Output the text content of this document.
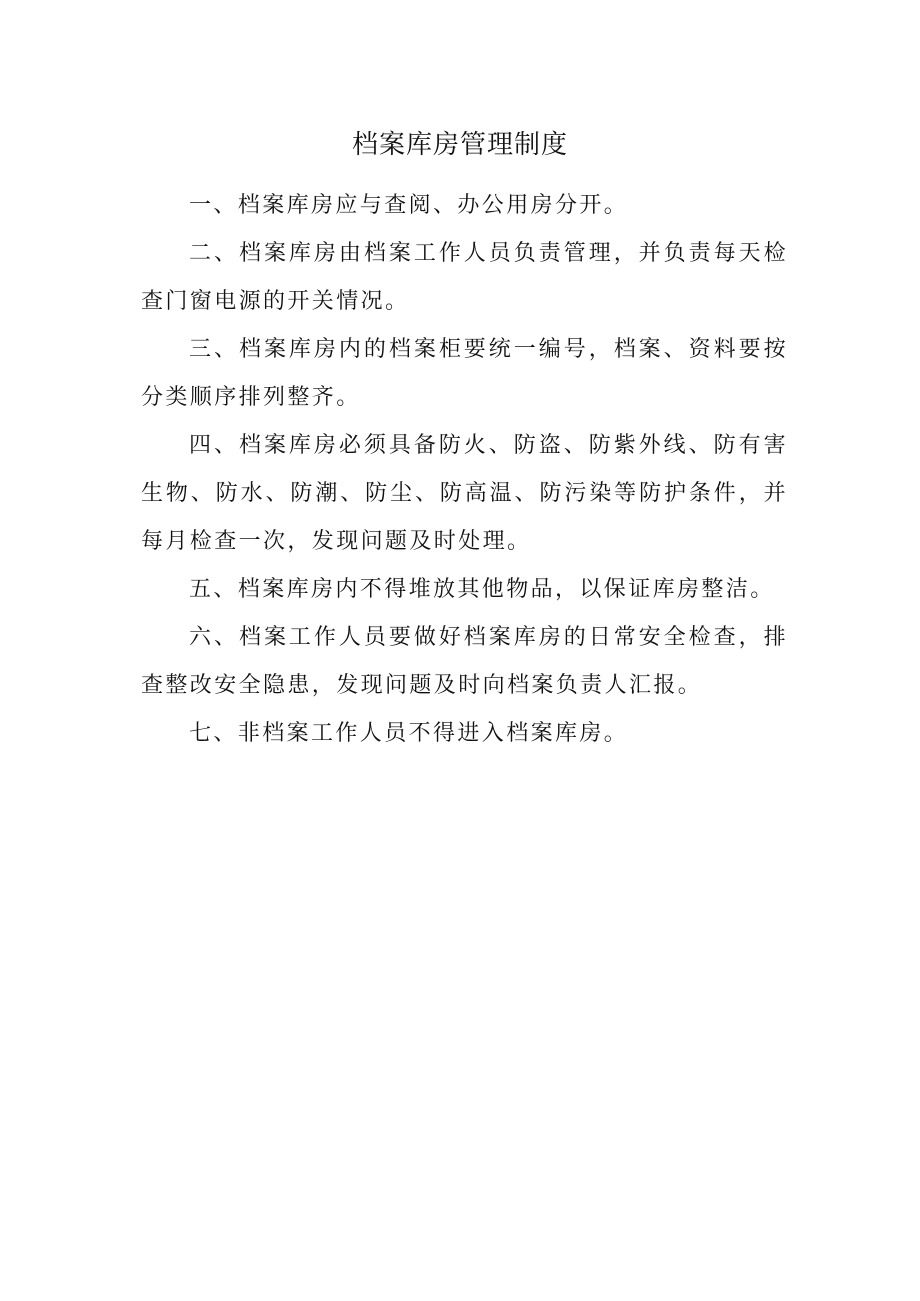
档案库房管理制度

一、档案库房应与查阅、办公用房分开。

二、档案库房由档案工作人员负责管理，并负责每天检查门窗电源的开关情况。

三、档案库房内的档案柜要统一编号，档案、资料要按分类顺序排列整齐。

四、档案库房必须具备防火、防盗、防紫外线、防有害生物、防水、防潮、防尘、防高温、防污染等防护条件，并每月检查一次，发现问题及时处理。

五、档案库房内不得堆放其他物品，以保证库房整洁。

六、档案工作人员要做好档案库房的日常安全检查，排查整改安全隐患，发现问题及时向档案负责人汇报。

七、非档案工作人员不得进入档案库房。
